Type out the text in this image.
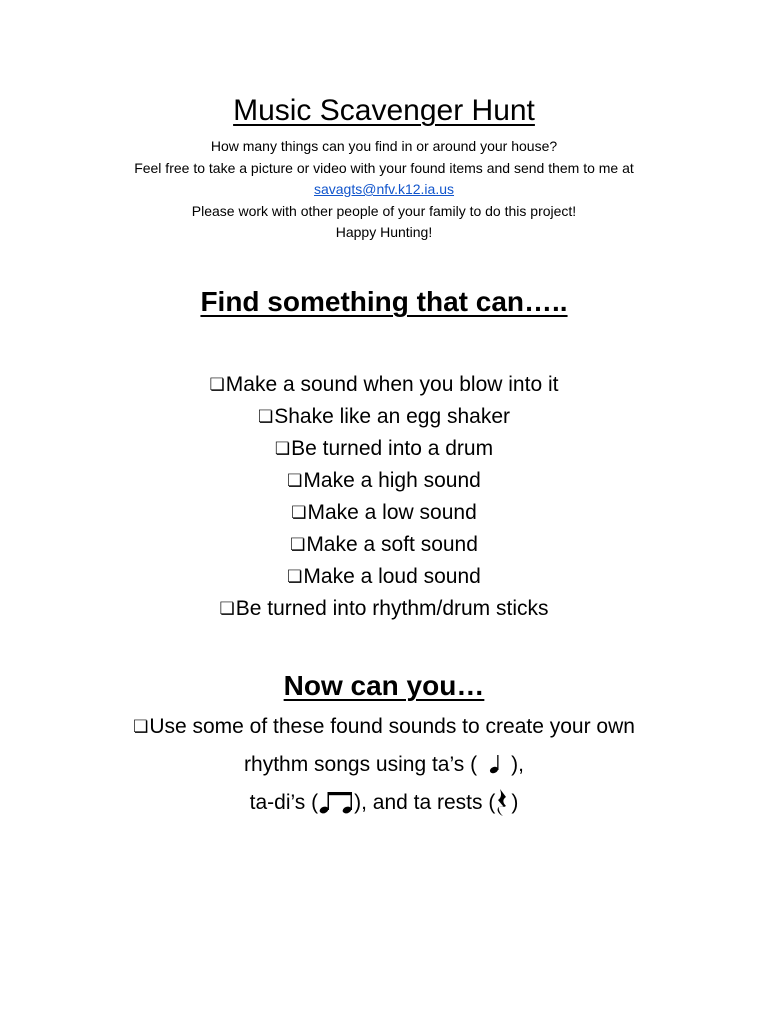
Music Scavenger Hunt
How many things can you find in or around your house?
Feel free to take a picture or video with your found items and send them to me at
savagts@nfv.k12.ia.us
Please work with other people of your family to do this project!
Happy Hunting!
Find something that can…..
❏Make a sound when you blow into it
❏Shake like an egg shaker
❏Be turned into a drum
❏Make a high sound
❏Make a low sound
❏Make a soft sound
❏Make a loud sound
❏Be turned into rhythm/drum sticks
Now can you…
❏Use some of these found sounds to create your own
rhythm songs using ta’s ( ),
ta-di’s ( ), and ta rests ( )
